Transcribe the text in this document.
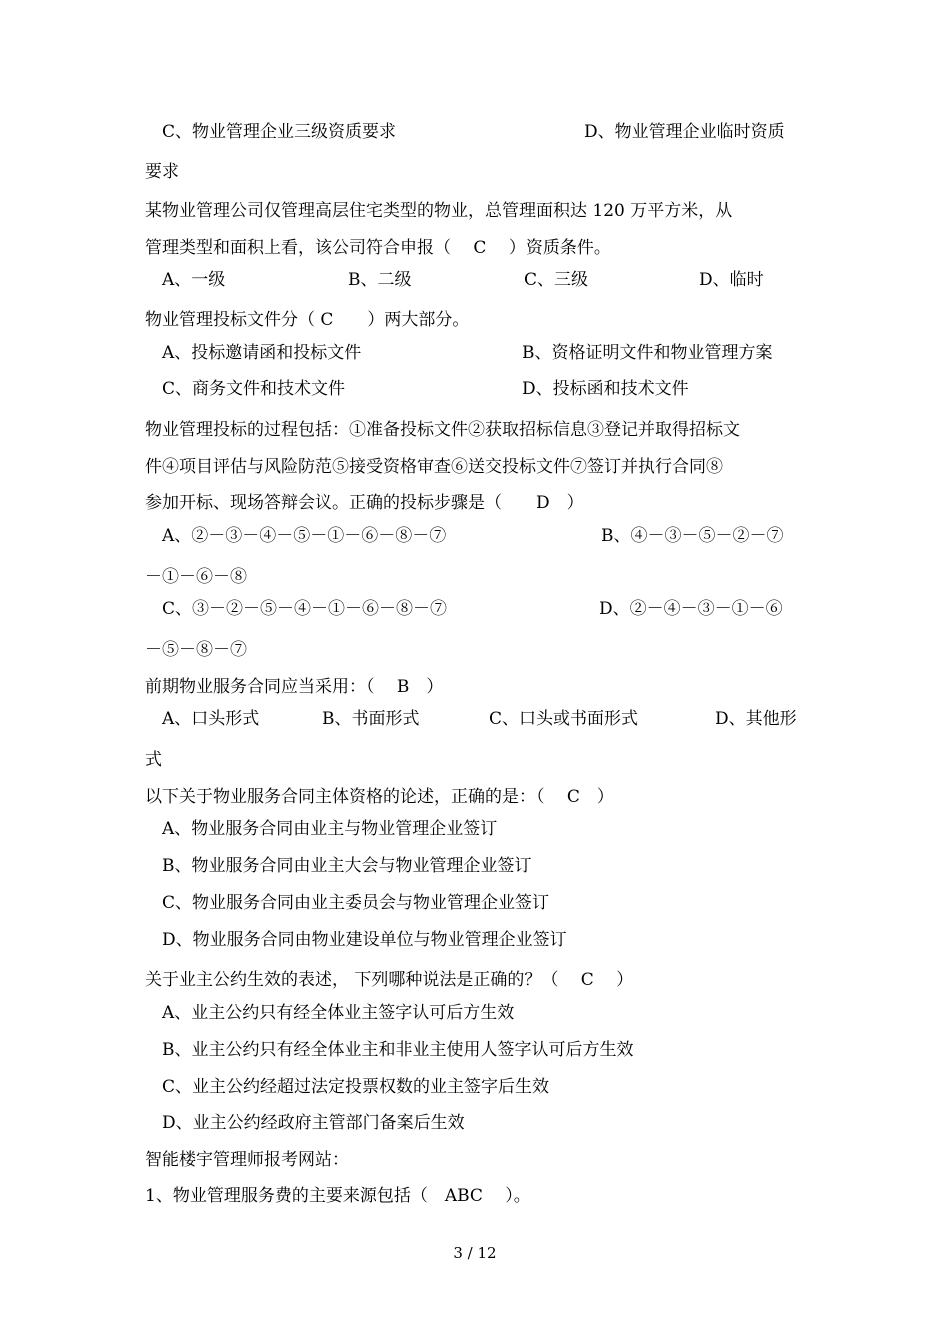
C、物业管理企业三级资质要求	D、物业管理企业临时资质
要求
某物业管理公司仅管理高层住宅类型的物业，总管理面积达 120 万平方米，从
管理类型和面积上看，该公司符合申报（　 C　 ）资质条件。
A、一级	B、二级	C、三级	D、临时
物业管理投标文件分（ C　　）两大部分。
A、投标邀请函和投标文件	B、资格证明文件和物业管理方案
C、商务文件和技术文件	D、投标函和技术文件
物业管理投标的过程包括：①准备投标文件②获取招标信息③登记并取得招标文
件④项目评估与风险防范⑤接受资格审查⑥送交投标文件⑦签订并执行合同⑧
参加开标、现场答辩会议。正确的投标步骤是（　　D　）
A、②－③－④－⑤－①－⑥－⑧－⑦	B、④－③－⑤－②－⑦
－①－⑥－⑧
C、③－②－⑤－④－①－⑥－⑧－⑦	D、②－④－③－①－⑥
－⑤－⑧－⑦
前期物业服务合同应当采用：（　 B　）
A、口头形式	B、书面形式	C、口头或书面形式	D、其他形
式
以下关于物业服务合同主体资格的论述，正确的是：（　 C　）
A、物业服务合同由业主与物业管理企业签订
B、物业服务合同由业主大会与物业管理企业签订
C、物业服务合同由业主委员会与物业管理企业签订
D、物业服务合同由物业建设单位与物业管理企业签订
关于业主公约生效的表述， 下列哪种说法是正确的？（　 C　 ）
A、业主公约只有经全体业主签字认可后方生效
B、业主公约只有经全体业主和非业主使用人签字认可后方生效
C、业主公约经超过法定投票权数的业主签字后生效
D、业主公约经政府主管部门备案后生效
智能楼宇管理师报考网站：
1、物业管理服务费的主要来源包括（　ABC　 ）。
3 / 12
